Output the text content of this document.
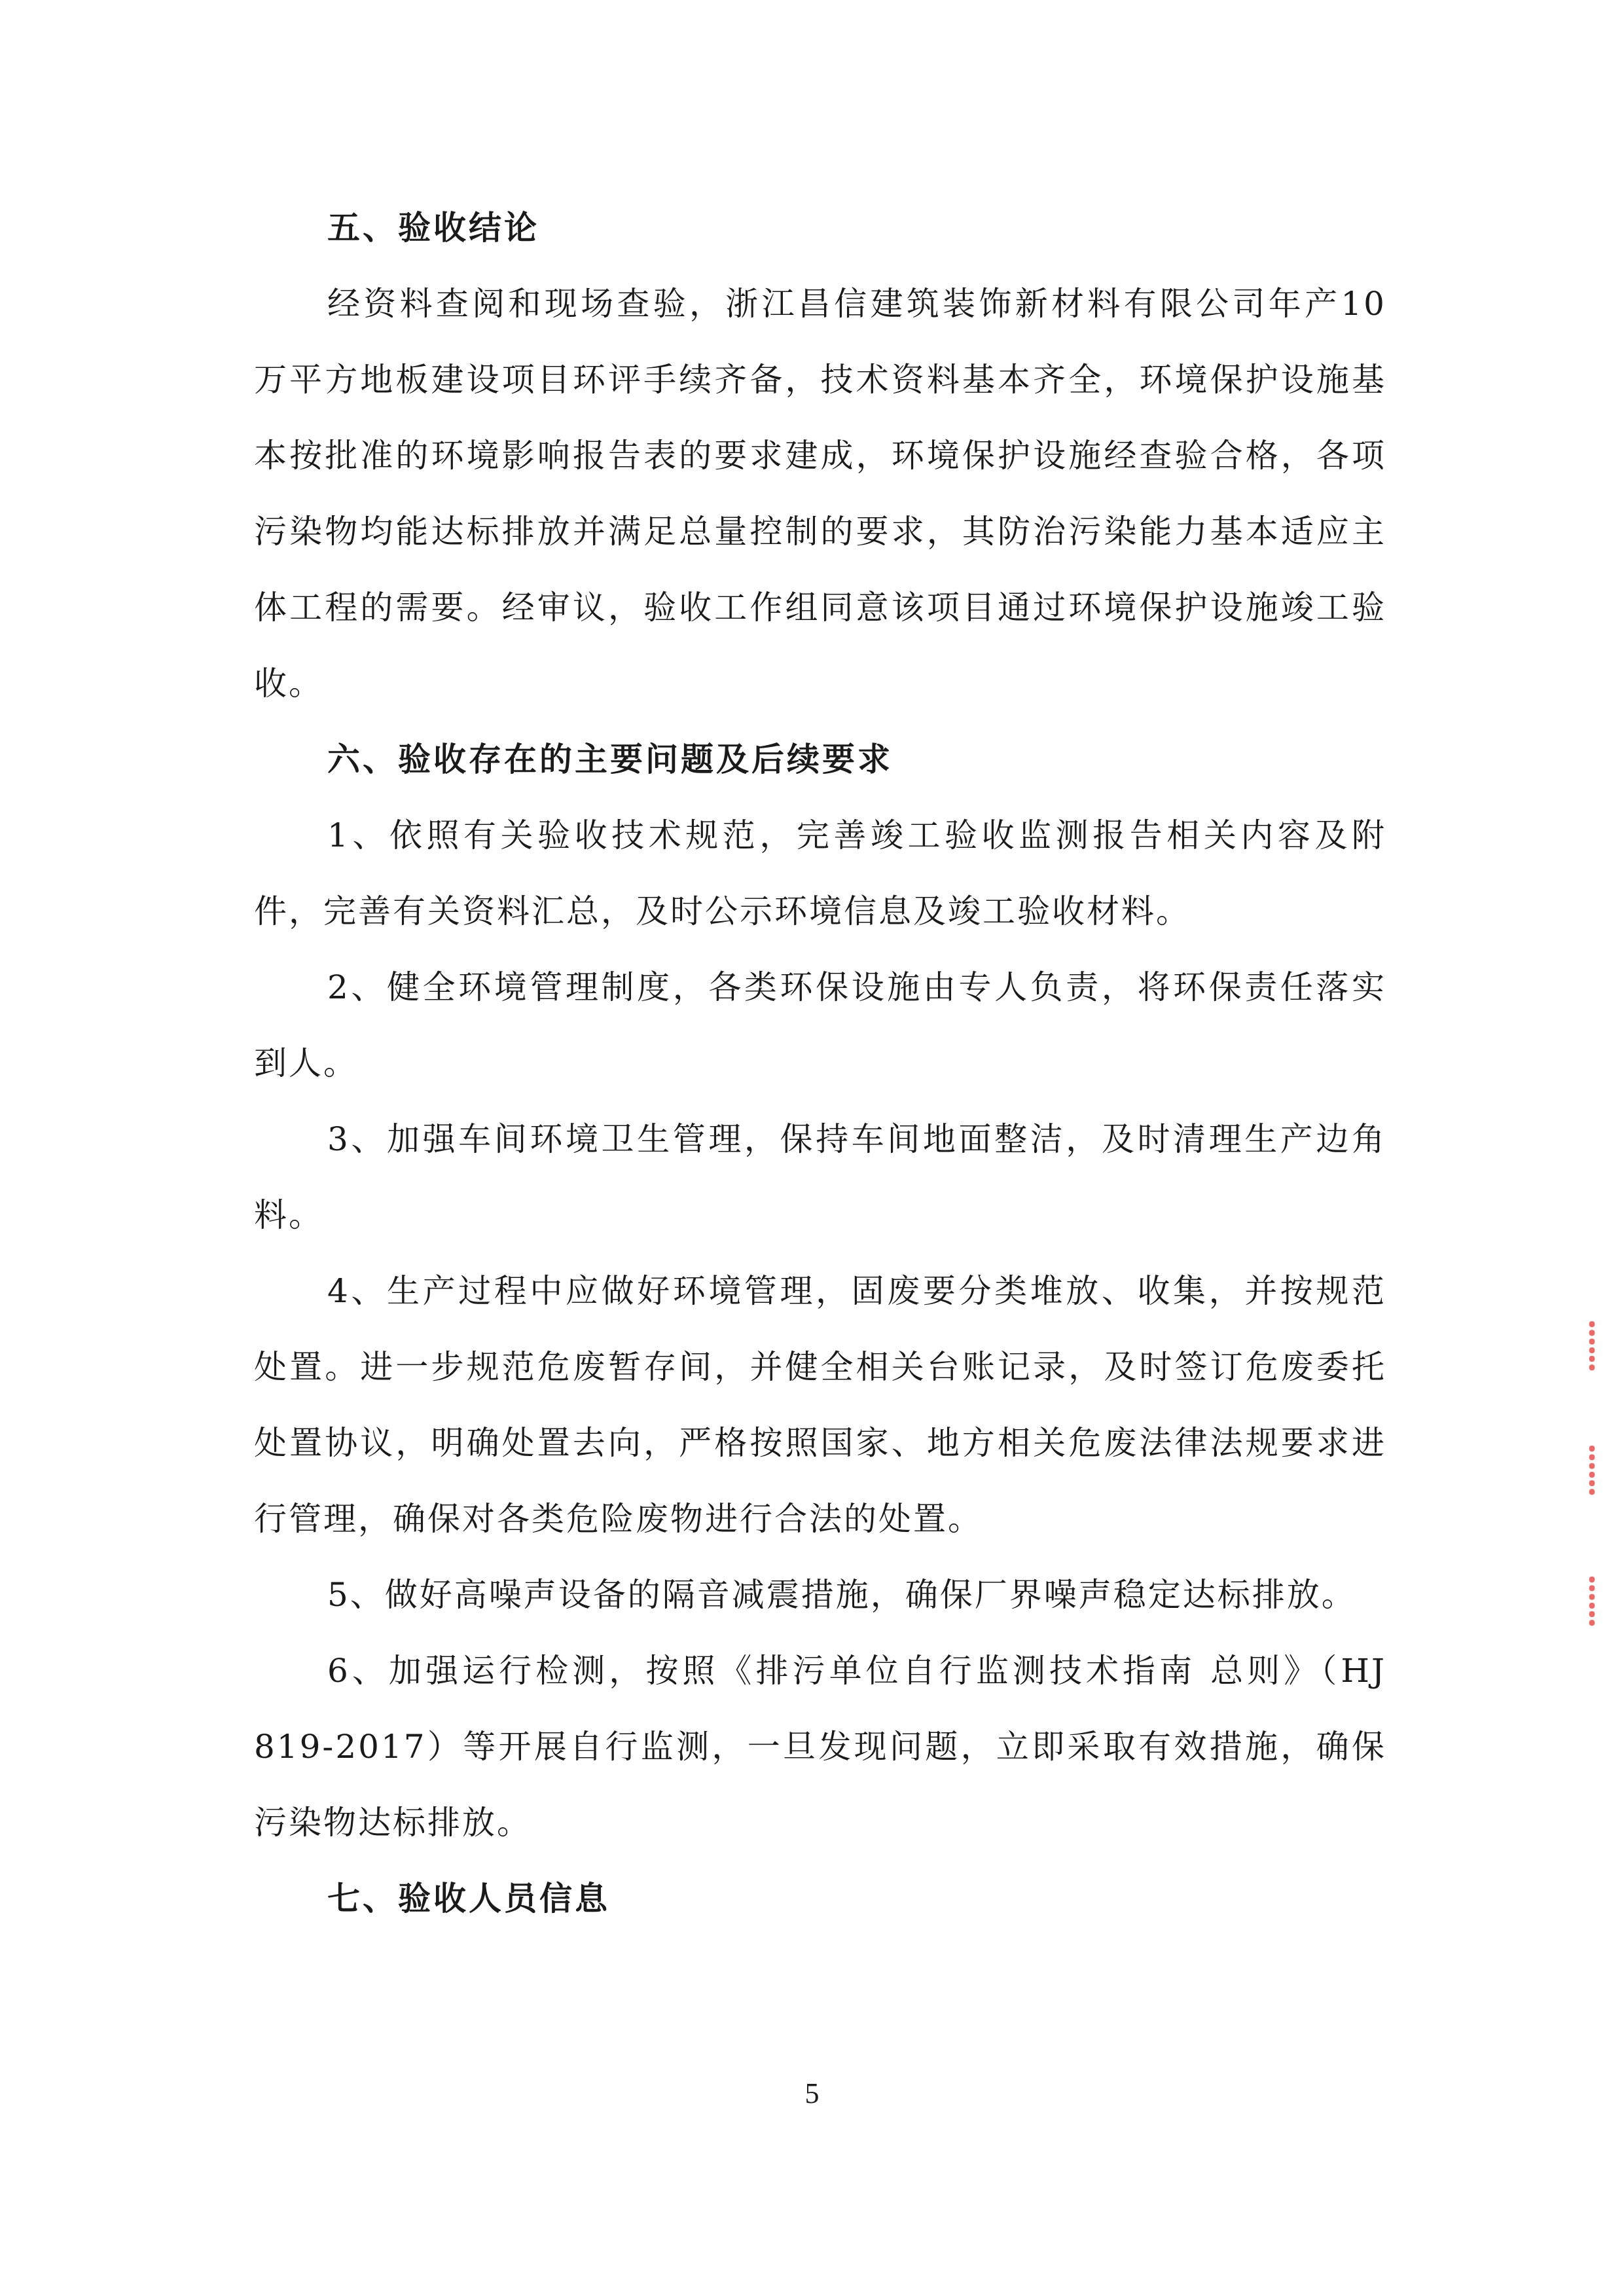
五、验收结论

经资料查阅和现场查验，浙江昌信建筑装饰新材料有限公司年产10 万平方地板建设项目环评手续齐备，技术资料基本齐全，环境保护设施基本按批准的环境影响报告表的要求建成，环境保护设施经查验合格，各项污染物均能达标排放并满足总量控制的要求，其防治污染能力基本适应主体工程的需要。经审议，验收工作组同意该项目通过环境保护设施竣工验收。

六、验收存在的主要问题及后续要求

1、依照有关验收技术规范，完善竣工验收监测报告相关内容及附件，完善有关资料汇总，及时公示环境信息及竣工验收材料。

2、健全环境管理制度，各类环保设施由专人负责，将环保责任落实到人。

3、加强车间环境卫生管理，保持车间地面整洁，及时清理生产边角料。

4、生产过程中应做好环境管理，固废要分类堆放、收集，并按规范处置。进一步规范危废暂存间，并健全相关台账记录，及时签订危废委托处置协议，明确处置去向，严格按照国家、地方相关危废法律法规要求进行管理，确保对各类危险废物进行合法的处置。

5、做好高噪声设备的隔音减震措施，确保厂界噪声稳定达标排放。

6、加强运行检测，按照《排污单位自行监测技术指南 总则》（HJ 819-2017）等开展自行监测，一旦发现问题，立即采取有效措施，确保污染物达标排放。

七、验收人员信息
5
⸽
⸽
⸽
